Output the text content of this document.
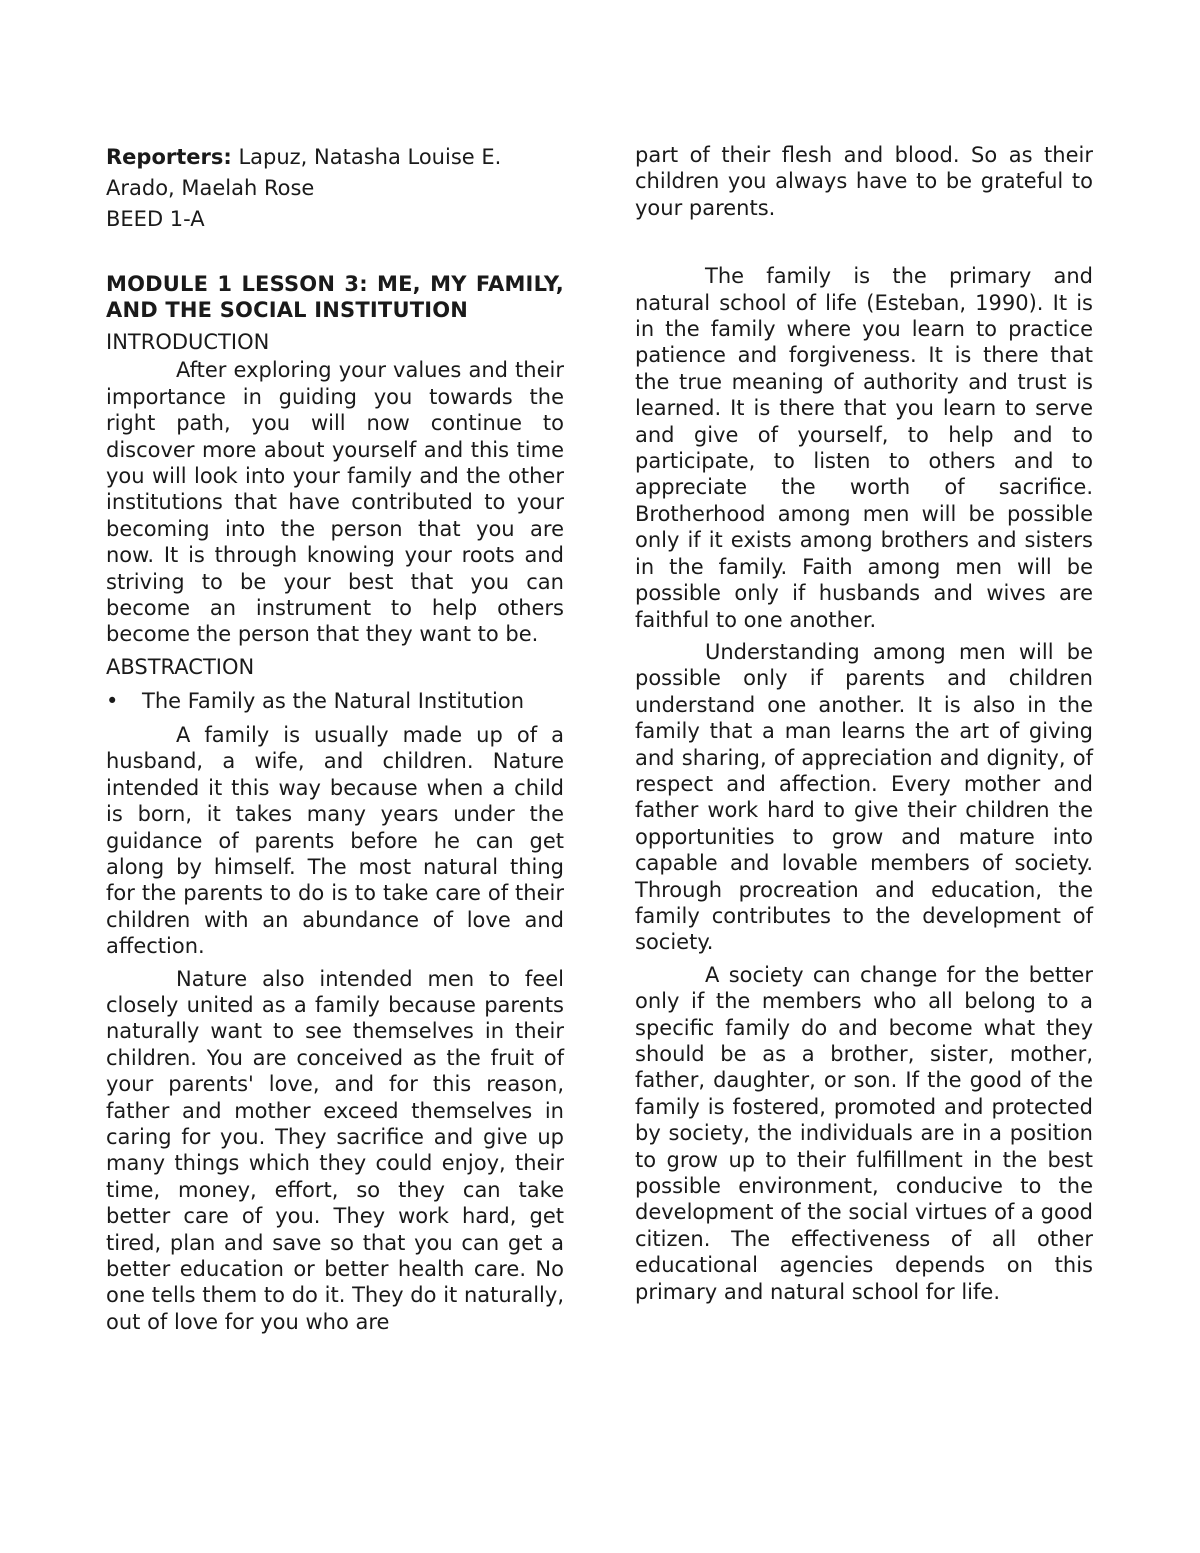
Reporters: Lapuz, Natasha Louise E.

Arado, Maelah Rose

BEED 1-A

MODULE 1 LESSON 3: ME, MY FAMILY, AND THE SOCIAL INSTITUTION

INTRODUCTION

After exploring your values and their importance in guiding you towards the right path, you will now continue to discover more about yourself and this time you will look into your family and the other institutions that have contributed to your becoming into the person that you are now. It is through knowing your roots and striving to be your best that you can become an instrument to help others become the person that they want to be.

ABSTRACTION

•	The Family as the Natural Institution

A family is usually made up of a husband, a wife, and children. Nature intended it this way because when a child is born, it takes many years under the guidance of parents before he can get along by himself. The most natural thing for the parents to do is to take care of their children with an abundance of love and affection.

Nature also intended men to feel closely united as a family because parents naturally want to see themselves in their children. You are conceived as the fruit of your parents' love, and for this reason, father and mother exceed themselves in caring for you. They sacrifice and give up many things which they could enjoy, their time, money, effort, so they can take better care of you. They work hard, get tired, plan and save so that you can get a better education or better health care. No one tells them to do it. They do it naturally, out of love for you who are

part of their flesh and blood. So as their children you always have to be grateful to your parents.

The family is the primary and natural school of life (Esteban, 1990). It is in the family where you learn to practice patience and forgiveness. It is there that the true meaning of authority and trust is learned. It is there that you learn to serve and give of yourself, to help and to participate, to listen to others and to appreciate the worth of sacrifice. Brotherhood among men will be possible only if it exists among brothers and sisters in the family. Faith among men will be possible only if husbands and wives are faithful to one another.

Understanding among men will be possible only if parents and children understand one another. It is also in the family that a man learns the art of giving and sharing, of appreciation and dignity, of respect and affection. Every mother and father work hard to give their children the opportunities to grow and mature into capable and lovable members of society. Through procreation and education, the family contributes to the development of society.

A society can change for the better only if the members who all belong to a specific family do and become what they should be as a brother, sister, mother, father, daughter, or son. If the good of the family is fostered, promoted and protected by society, the individuals are in a position to grow up to their fulfillment in the best possible environment, conducive to the development of the social virtues of a good citizen. The effectiveness of all other educational agencies depends on this primary and natural school for life.
